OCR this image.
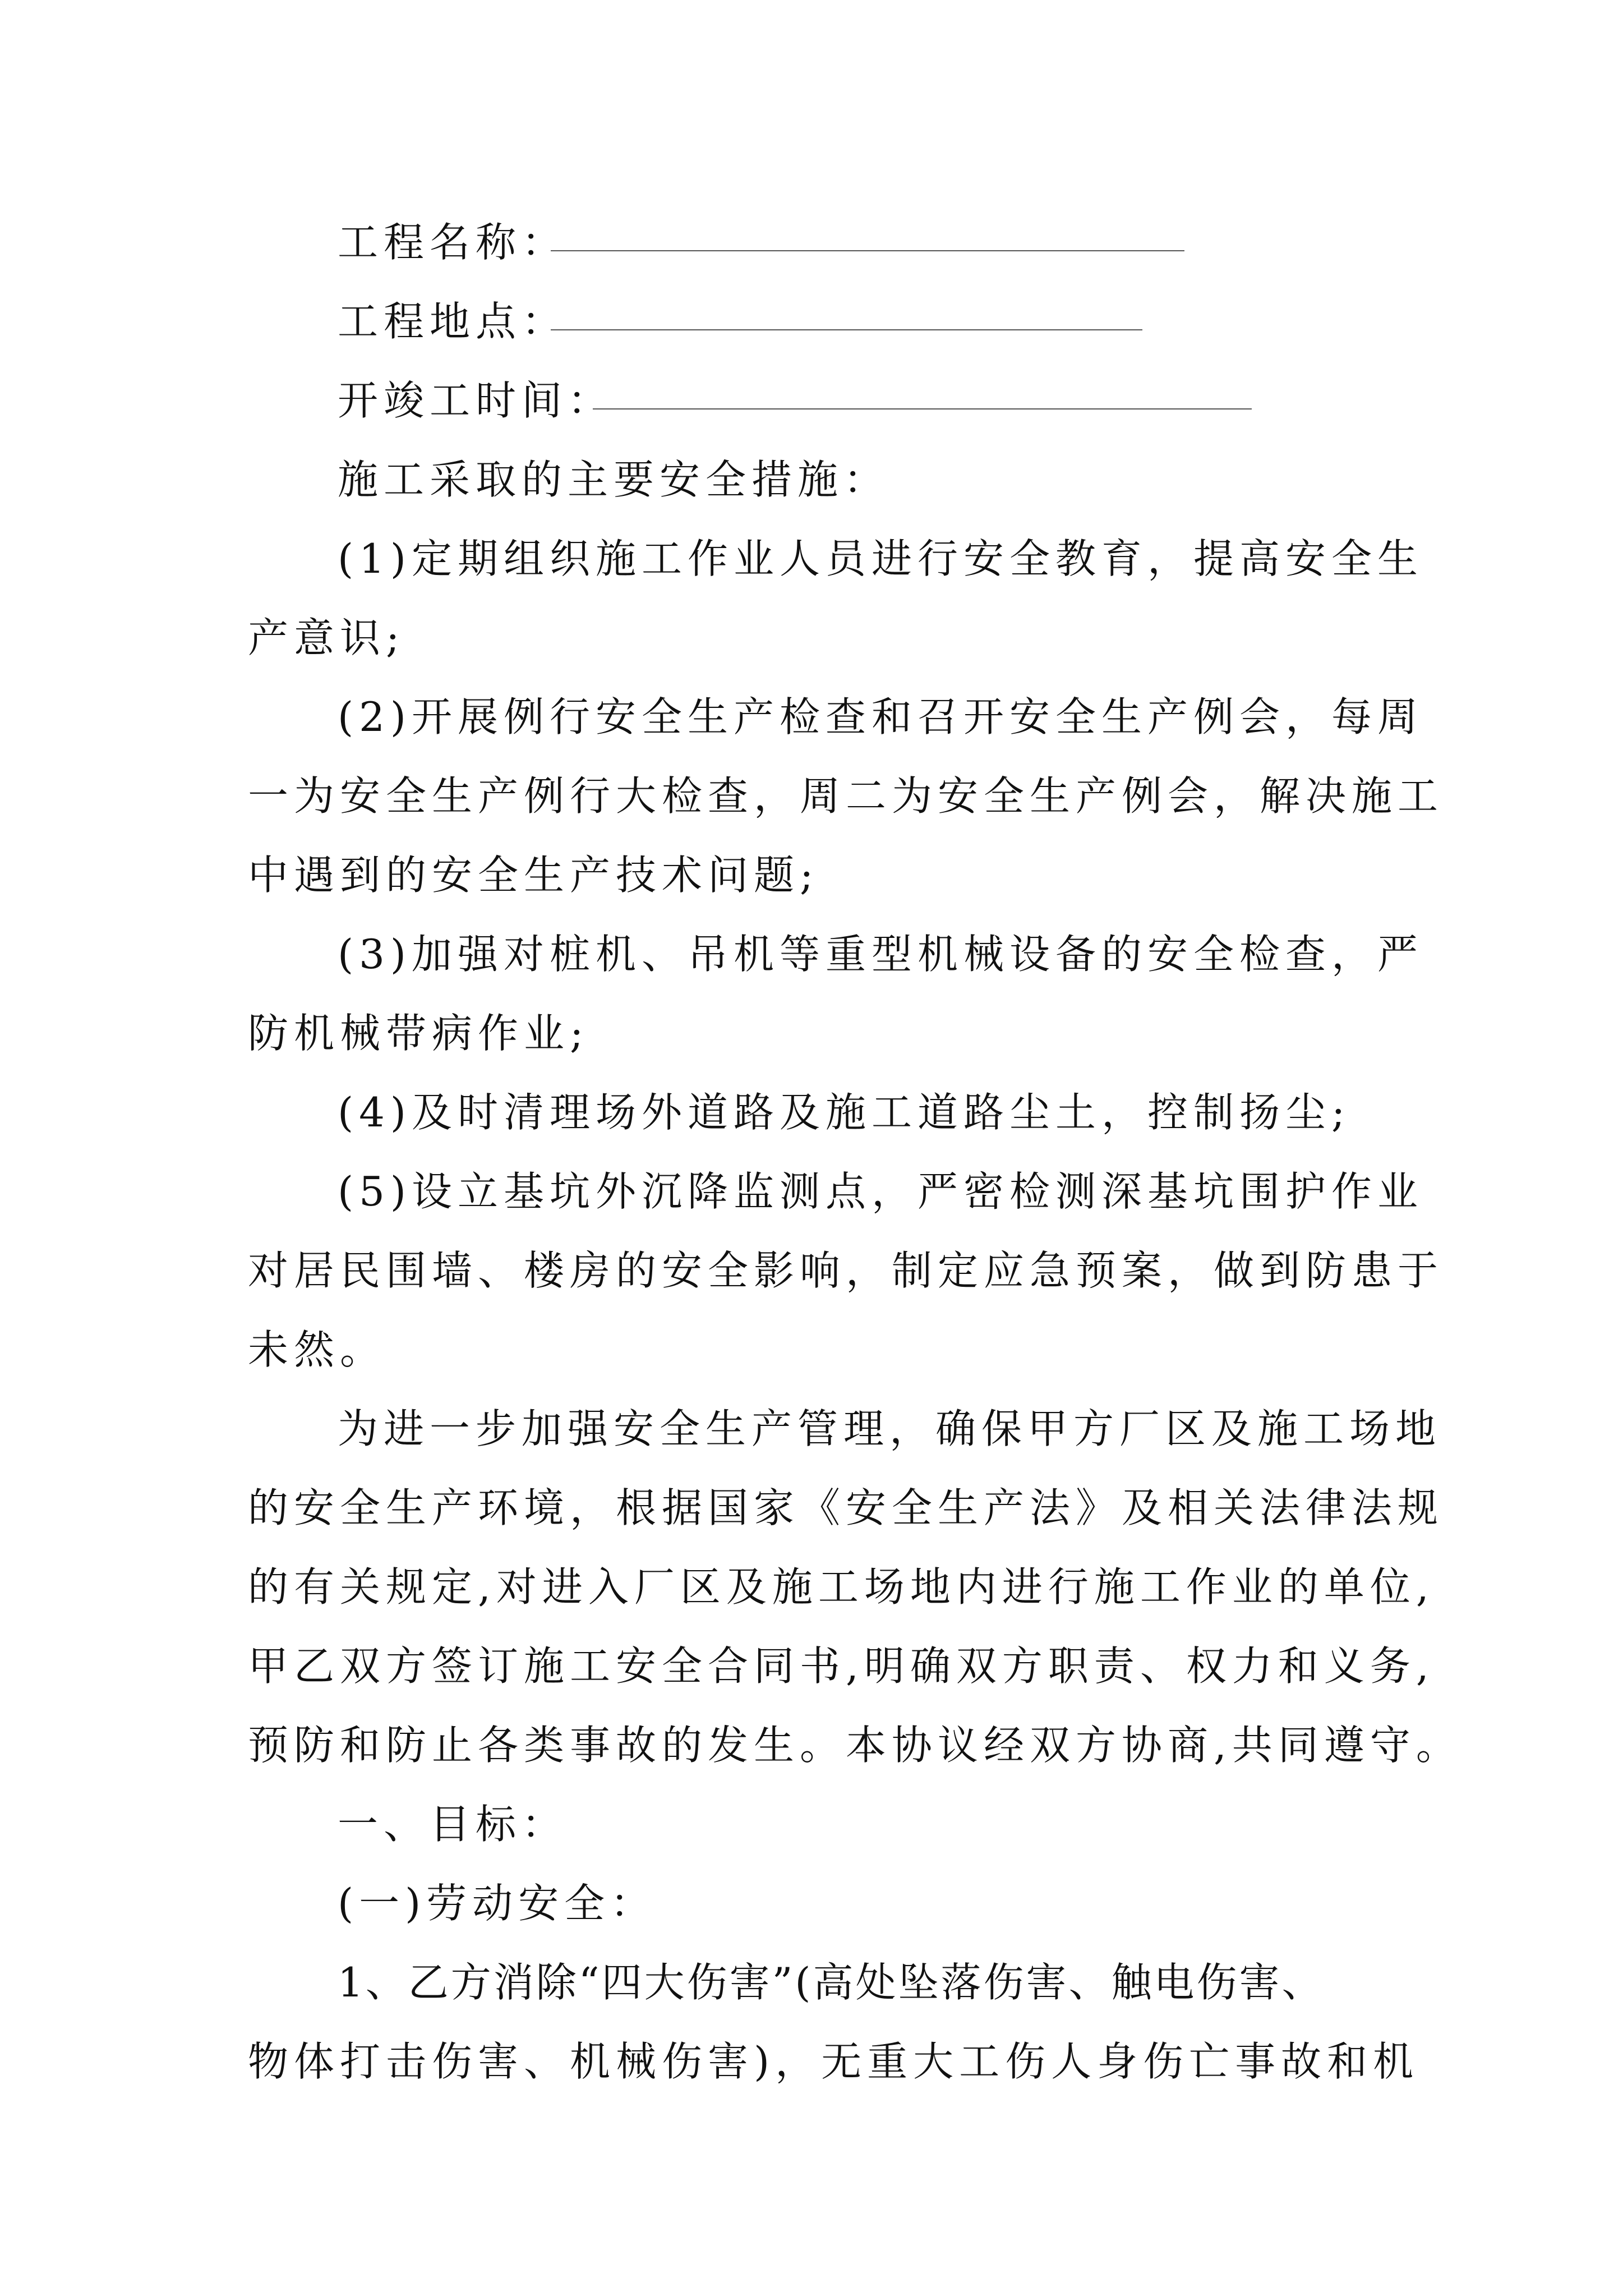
工程名称：
工程地点：
开竣工时间：
施工采取的主要安全措施：
(1)定期组织施工作业人员进行安全教育，提高安全生
产意识;
(2)开展例行安全生产检查和召开安全生产例会，每周
一为安全生产例行大检查，周二为安全生产例会，解决施工
中遇到的安全生产技术问题;
(3)加强对桩机、吊机等重型机械设备的安全检查，严
防机械带病作业;
(4)及时清理场外道路及施工道路尘土，控制扬尘;
(5)设立基坑外沉降监测点，严密检测深基坑围护作业
对居民围墙、楼房的安全影响，制定应急预案，做到防患于
未然。
为进一步加强安全生产管理，确保甲方厂区及施工场地
的安全生产环境，根据国家《安全生产法》及相关法律法规
的有关规定,对进入厂区及施工场地内进行施工作业的单位,
甲乙双方签订施工安全合同书,明确双方职责、权力和义务,
预防和防止各类事故的发生。本协议经双方协商,共同遵守。
一、目标：
(一)劳动安全：
1、乙方消除“四大伤害”(高处坠落伤害、触电伤害、
物体打击伤害、机械伤害)，无重大工伤人身伤亡事故和机
